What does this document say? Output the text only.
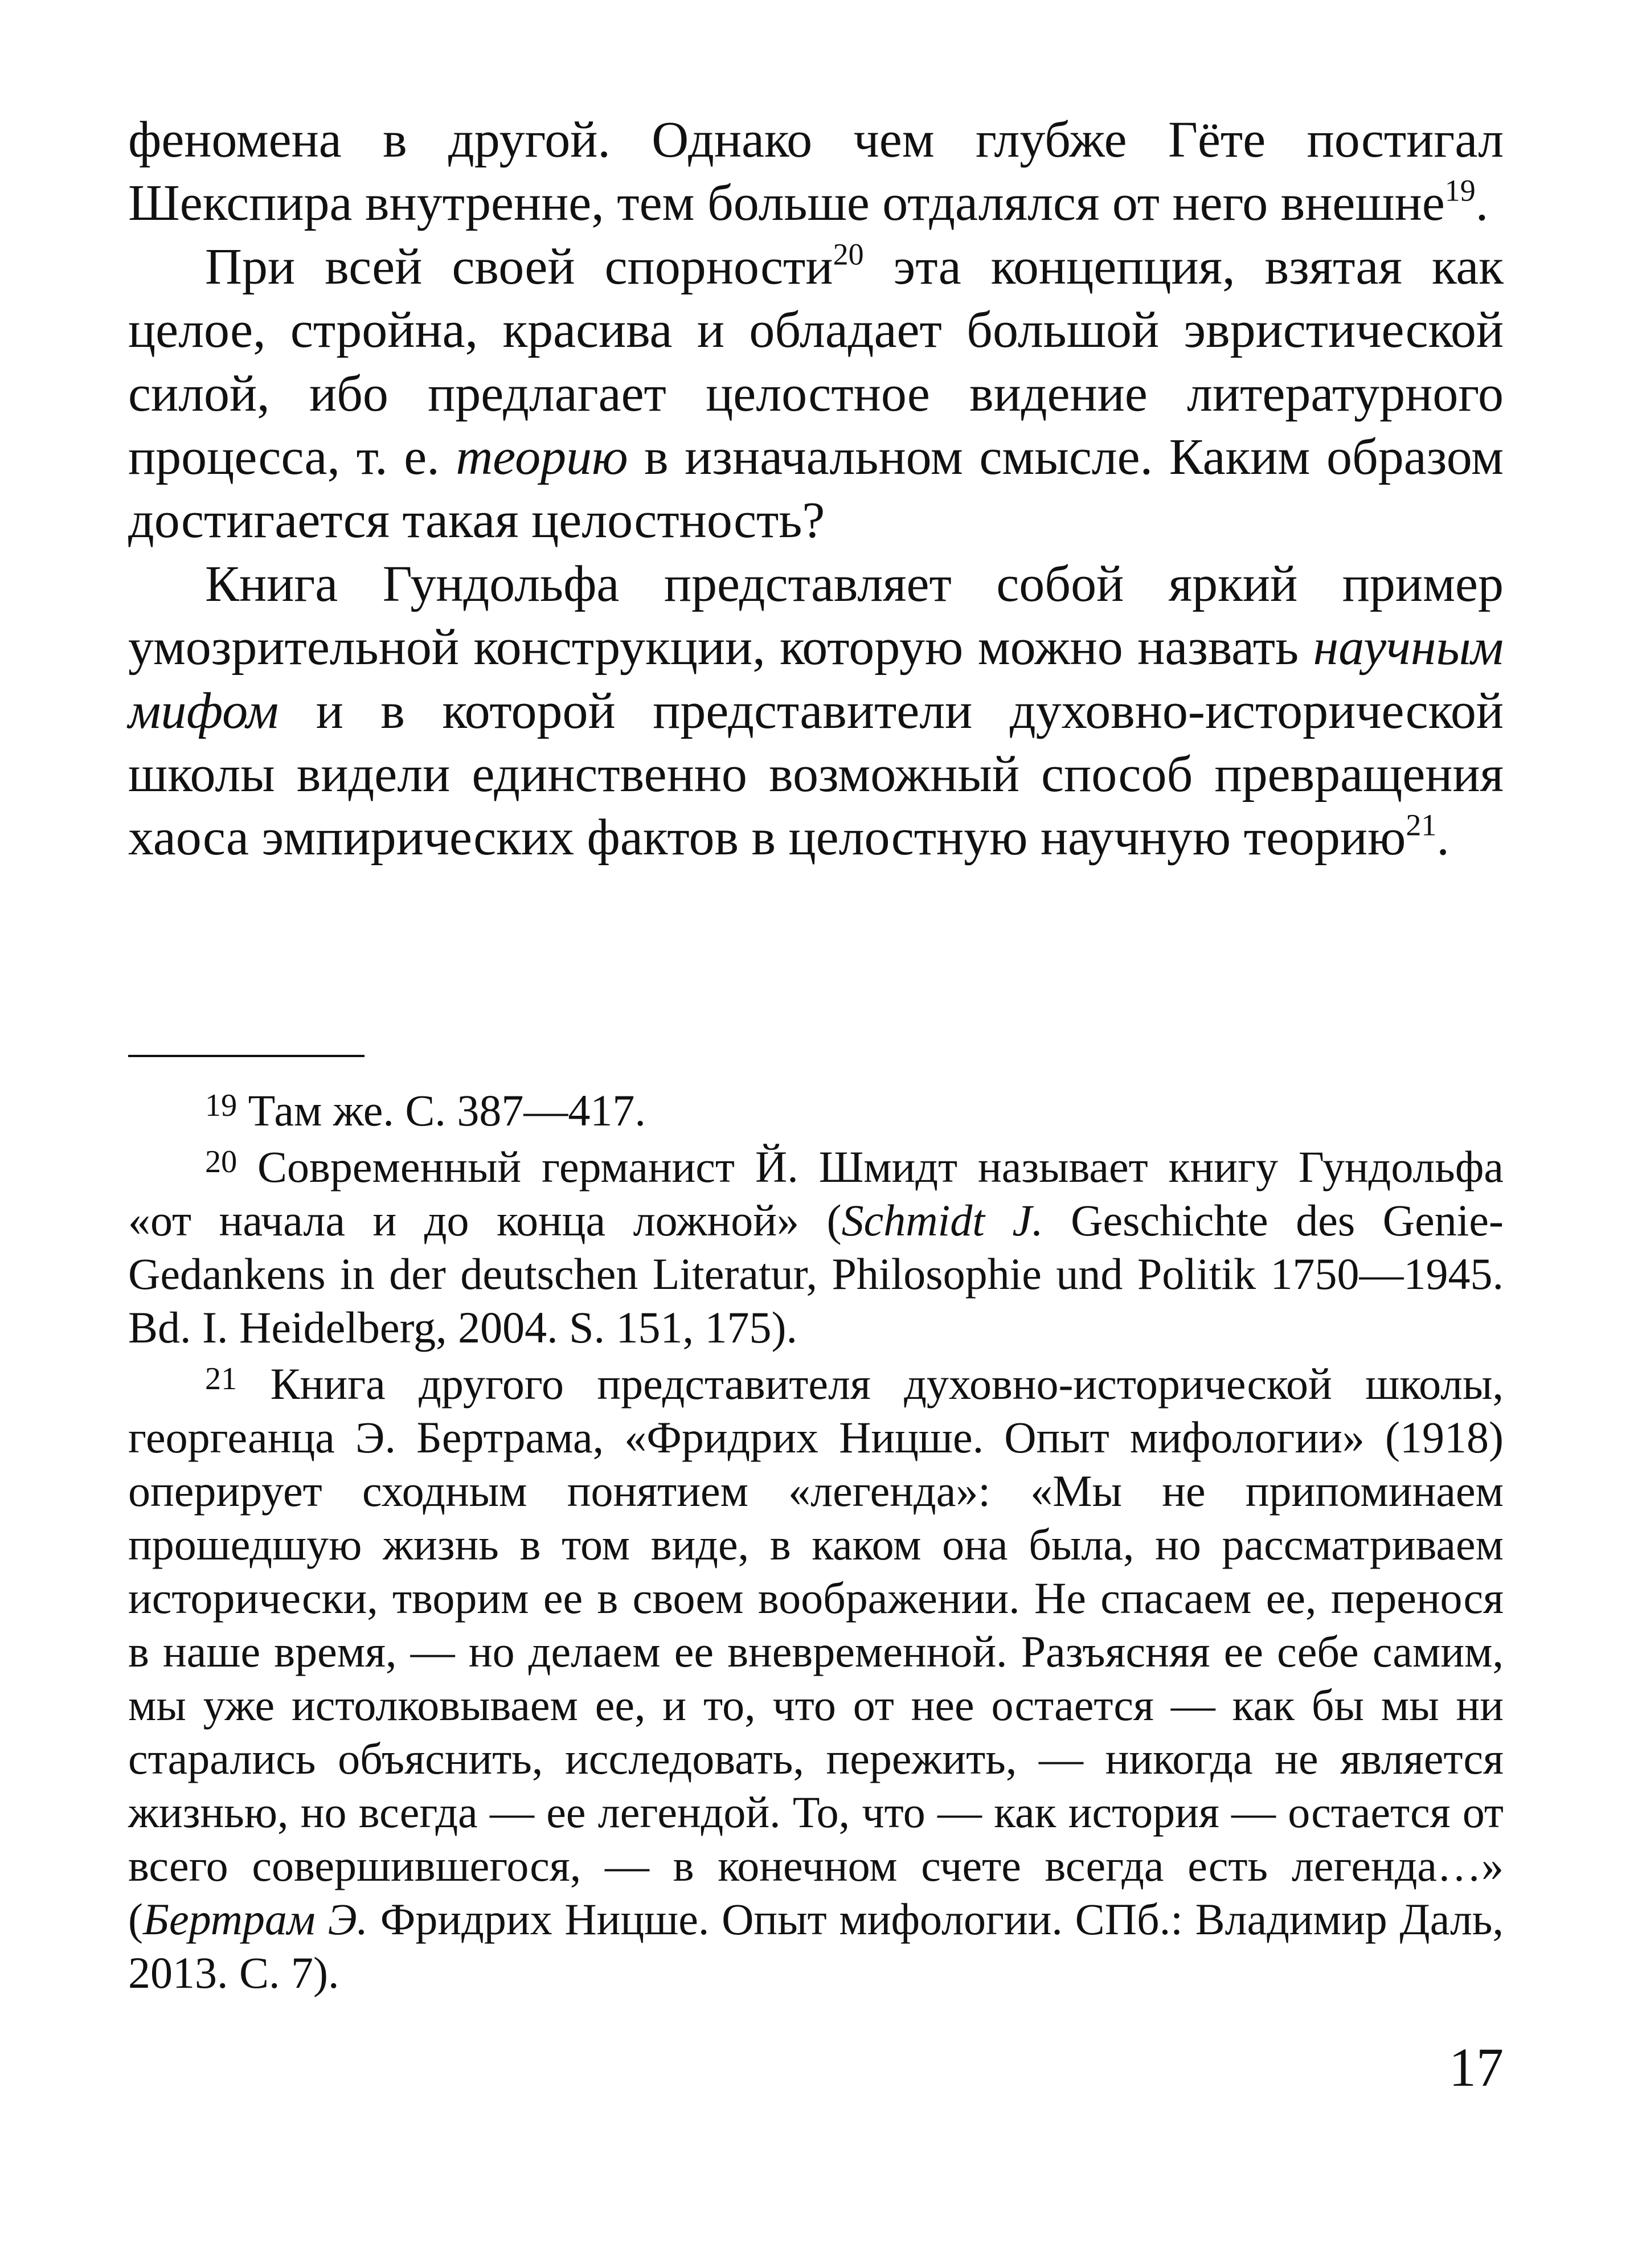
феномена в другой. Однако чем глубже Гёте постигал Шекспира внутренне, тем больше отдалялся от него внешне$^{19}$.

При всей своей спорности$^{20}$ эта концепция, взятая как целое, стройна, красива и обладает большой эвристической силой, ибо предлагает целостное видение литературного процесса, т. е. теорию в изначальном смысле. Каким образом достигается такая целостность?

Книга Гундольфа представляет собой яркий пример умозрительной конструкции, которую можно назвать научным мифом и в которой представители духовно-исторической школы видели единственно возможный способ превращения хаоса эмпирических фактов в целостную научную теорию$^{21}$.

$^{19}$ Там же. С. 387—417.

$^{20}$ Современный германист Й. Шмидт называет книгу Гундольфа «от начала и до конца ложной» (Schmidt J. Geschichte des Genie-Gedankens in der deutschen Literatur, Philosophie und Politik 1750—1945. Bd. I. Heidelberg, 2004. S. 151, 175).

$^{21}$ Книга другого представителя духовно-исторической школы, георгеанца Э. Бертрама, «Фридрих Ницше. Опыт мифологии» (1918) оперирует сходным понятием «легенда»: «Мы не припоминаем прошедшую жизнь в том виде, в каком она была, но рассматриваем исторически, творим ее в своем воображении. Не спасаем ее, перенося в наше время, — но делаем ее вневременной. Разъясняя ее себе самим, мы уже истолковываем ее, и то, что от нее остается — как бы мы ни старались объяснить, исследовать, пережить, — никогда не является жизнью, но всегда — ее легендой. То, что — как история — остается от всего совершившегося, — в конечном счете всегда есть легенда…» (Бертрам Э. Фридрих Ницше. Опыт мифологии. СПб.: Владимир Даль, 2013. С. 7).

17
